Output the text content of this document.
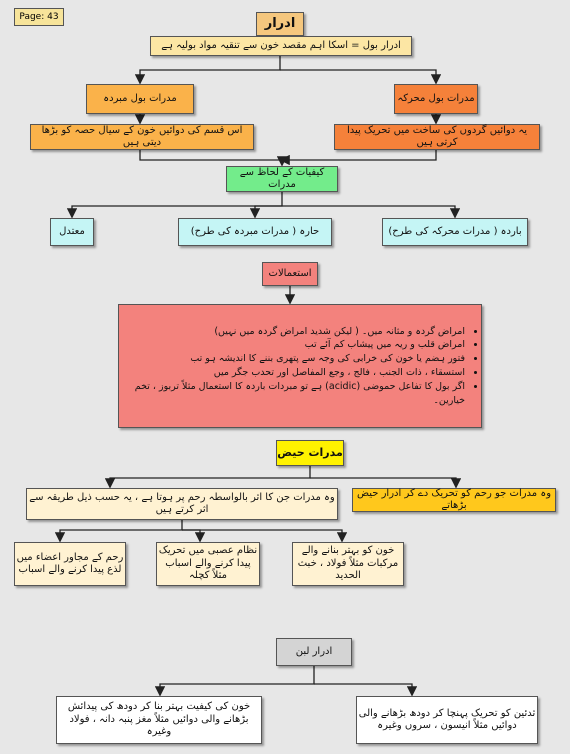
Page: 43	ادرار
ادرار بول = اسکا اہم مقصد خون سے تنقیہ مواد بولیہ ہے
مدرات بول مبردہ	مدرات بول محرکہ
اس قسم کی دوائیں خون کے سیال حصہ کو بڑھا دیتی ہیں
یہ دوائیں گردوں کی ساخت میں تحریک پیدا کرتی ہیں
کیفیات کے لحاظ سے مدرات
باردہ ( مدرات محرکہ کی طرح)
حارہ ( مدرات مبردہ کی طرح)
معتدل
استعمالات
• امراض گردہ و مثانہ میں۔ ( لیکن شدید امراض گردہ میں نہیں)
• امراض قلب و ریہ میں پیشاب کم آئے تب
• فتور ہضم یا خون کی خرابی کی وجہ سے پتھری بننے کا اندیشہ ہو تب
• استسقاء ، ذات الجنب ، فالج ، وجع المفاصل اور تحدب جگر میں
• اگر بول کا تفاعل حموضی (acidic) ہے تو مبردات باردہ کا استعمال مثلاً تربوز ، تخم خیارین۔
مدرات حیض
وہ مدرات جو رحم کو تحریک دے کر ادرار حیض بڑھاتے
وہ مدرات جن کا اثر بالواسطہ رحم پر ہوتا ہے ، یہ حسب ذیل طریقہ سے اثر کرتے ہیں
رحم کے مجاور اعضاء میں لذع پیدا کرنے والے اسباب
نظام عصبی میں تحریک پیدا کرنے والے اسباب مثلاً کچلہ
خون کو بہتر بنانے والے مرکبات مثلاً فولاد ، خبث الحدید
ادرار لبن
خون کی کیفیت بہتر بنا کر دودھ کی پیدائش بڑھانے والی دوائیں مثلاً مغز پنبہ دانہ ، فولاد وغیرہ
ثدئین کو تحریک پہنچا کر دودھ بڑھانے والی دوائیں مثلاً انیسون ، سروں وغیرہ
